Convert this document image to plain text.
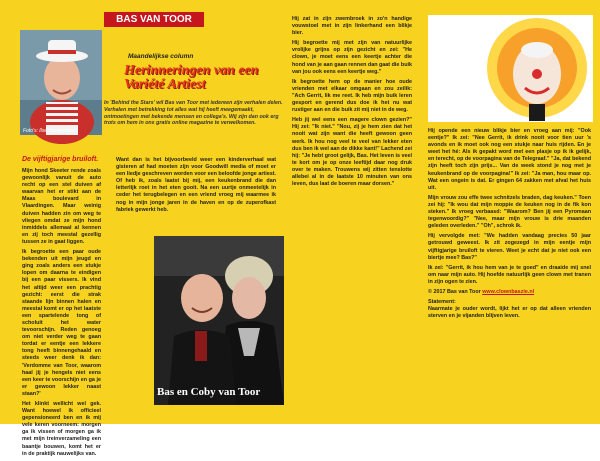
Foto's: Ilse Hoogendorp
BAS VAN TOOR
Maandelijkse column
Herinneringen van een Variété Artiest
In 'Behind the Stars' wil Bas van Toor met iedereen zijn verhalen delen. Verhalen met betrekking tot alles wat hij heeft meegemaakt, ontmoetingen met bekende mensen en collega's. Wij zijn dan ook erg trots om hem in ons gratis online magazine te verwelkomen.
De vijftigjarige bruiloft.

Mijn hond Skeeter rende zoals gewoonlijk vanuit de auto recht op een stel duiven af waarvan het er stikt aan de Maas boulevard in Vlaardingen. Maar weinig duiven hadden zin om weg te vliegen omdat ze mijn hond inmiddels allemaal al kennen en zij toch meestal gezellig tussen ze in gaat liggen.

Ik begroette een paar oude bekenden uit mijn jeugd en ging zoals anders een stukje lopen om daarna te eindigen bij een paar vissers. Ik vind het altijd weer een prachtig gezicht: eerst die strak staande lijn binnen halen en meestal komt er op het laatste een spartelende tong of scholuit het water tevoorschijn. Reden genoeg om niet verder weg te gaan tordat er eentje een lekkere tong heeft binnengehaald en steeds weer denk ik dan: 'Verdomme van Toor, waarom haal jij je hengels niet eens een keer te voorschijn en ga je er gewoon lekker naast staan?'

Het klinkt wellicht wel gek. Want hoewel ik officieel gepensioneerd ben en ik mij vele keren voorneem: morgen ga ik vissen of morgen ga ik met mijn treinverzameling een baantje bouwen, komt het er in de praktijk nauwelijks van.

Want dan is het bijvoorbeeld weer een kinderverhaal wat gisteren af had moeten zijn voor Goodwill media of moet er een liedje geschreven worden voor een beloofde jonge artiest. Of heb ik, zoals laatst bij mij, een keukenbrand die dan letterlijk roet in het eten gooit. Na een uurtje onmeetelijk in ceder het terugbelegen en een vriend vroeg mij waarmee ik nog in mijn jonge jaren in de haven en op de zuperofkast fabriek gewerkt heb.

Bas en Coby van Toor

Hij zat in zijn zwembroek in zo'n handige vouwstoel met in zijn linkerhand een blikje bier.

Hij begroette mij met zijn van natuurlijke vrolijke grijns op zijn gezicht en zei: "He clown, je moet eens een keertje achter die hond van je aan gaan rennen dan gaat die buik van jou ook eens een keertje weg."

Ik begroette hem op de manier hoe oude vrienden met elkaar omgaan en zou zeilik: "Ach Gerrit, lik me reet. Ik heb mijn buik leren gesport en gerend dus doe ik het nu wat rustiger aan en die buik zit mij niet in de weg.

Heb jij wel eens een magere clown gezien?" Hij zei: "Ik niet." "Nou, zij je hem zien dat het nooit wat zijn want die heeft gewoon geen werk. Ik hou nog veel te veel van lekker eten dus ben ik wel aan de dikke kant!" Lachend zei hij: "Je hebt groot gelijk, Bas. Het leven is veel te kort om je op onze leeftijd daar nog druk over te maken. Trouwens wij zitten tenslotte allebei al in de laatste 10 minuten van ons leven, dus laat de boeren maar dorsen."

Hij opende een nieuw blikje bier en vroeg aan mij: "Ook eentje?" Ik zei: "Nee Gerrit, ik drink nooit voor tien uur 's avonds en ik moet ook nog een stukje naar huis rijden. En je weet het hé: Als ik gepakt word met een plasje op ik ik gelijk, en terecht, op de voorpagina van de Telegraaf." "Ja, dat bekend zijn heeft toch zijn prijs... Van de week stond je nog met je keukenbrand op de voorpagina!" Ik zei: "Ja man, hou maar op. Wat een ongein is dat. Er gingen 64 zakken met afval het huis uit.

Mijn vrouw zou effe twee schnitzels braden, dag keuken." Toen zei hij: "Ik wou dat mijn moppie de keuken nog in de fik kon steken." Ik vroeg verbaasd: "Waarom? Ben jij een Pyromaan tegenwoordig?" "Nee, maar mijn vrouw is drie maanden geleden overleden." "Oh", schrok ik.

Hij vervolgde met: "We hadden vandaag precies 50 jaar getrouwd geweest. Ik zit zogezegd in mijn eentje mijn vijftigjarige bruiloft te vieren. Weet je echt dat je niet ook een biertje mee? Bas?"

Ik zei: "Gerrit, ik hou hem van je te goed" en draaide mij snel om naar mijn auto. Hij hoefde natuurlijk geen clown met tranen in zijn ogen te zien.

© 2017 Bas van Toor www.clownbaszie.nl

Statement:

Naarmate je ouder wordt, lijkt het er op dat alleen vrienden sterven en je vijanden blijven leven.
